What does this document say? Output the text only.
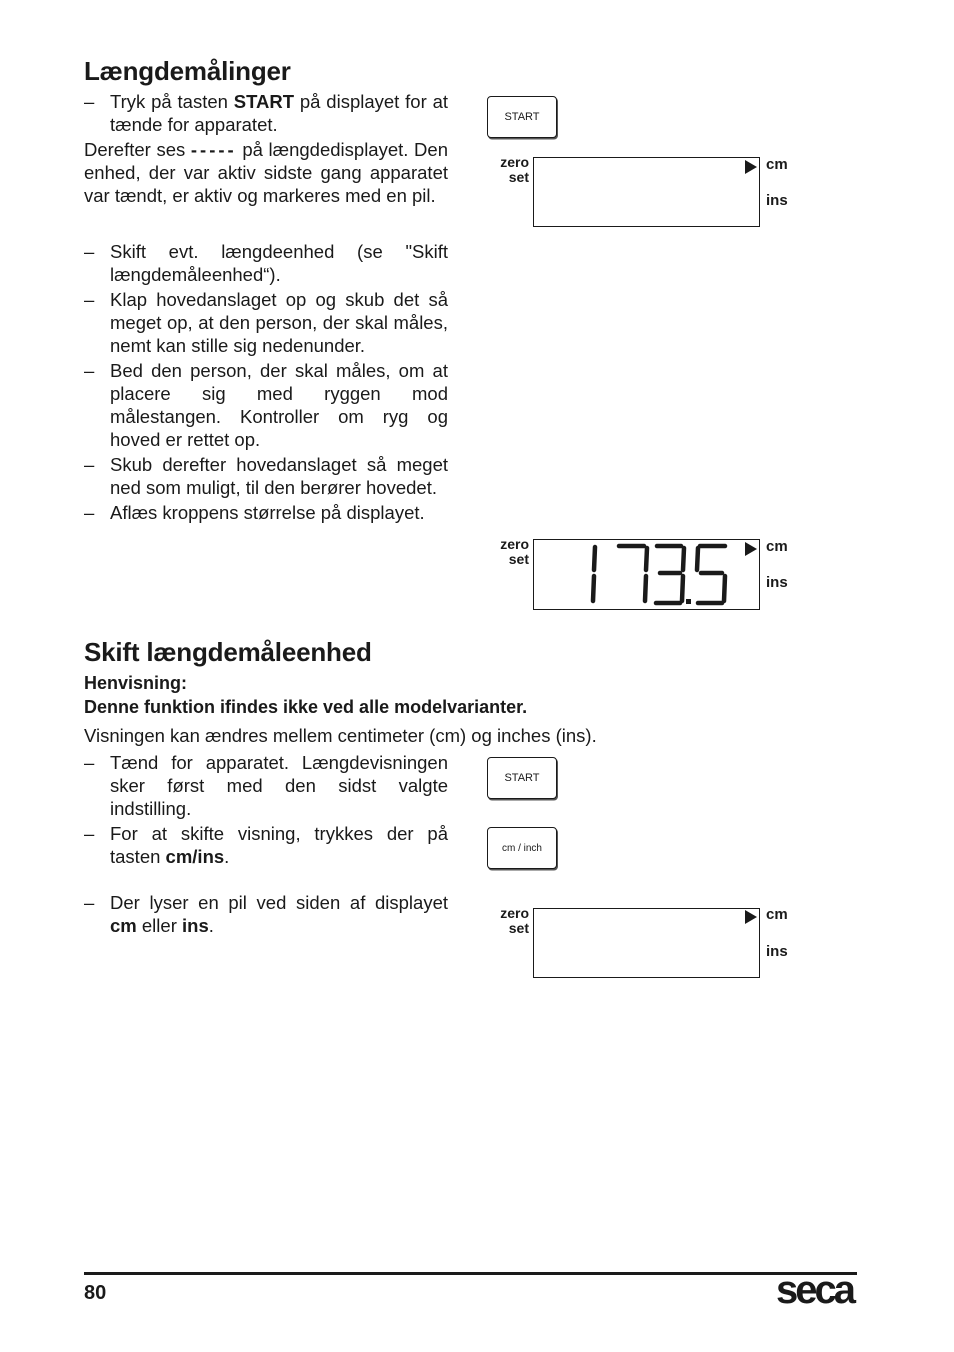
Længdemålinger
– Tryk på tasten START på displayet for at tænde for apparatet.
Derefter ses ----- på længdedisplayet. Den enhed, der var aktiv sidste gang apparatet var tændt, er aktiv og markeres med en pil.
– Skift evt. længdeenhed (se "Skift længdemåleenhed“).
– Klap hovedanslaget op og skub det så meget op, at den person, der skal måles, nemt kan stille sig nedenunder.
– Bed den person, der skal måles, om at placere sig med ryggen mod målestangen. Kontroller om ryg og hoved er rettet op.
– Skub derefter hovedanslaget så meget ned som muligt, til den berører hovedet.
– Aflæs kroppens størrelse på displayet.
START
zero
set
cm
ins
zero
set
cm
ins
Skift længdemåleenhed
Henvisning:
Denne funktion ifindes ikke ved alle modelvarianter.
Visningen kan ændres mellem centimeter (cm) og inches (ins).
– Tænd for apparatet. Længdevisningen sker først med den sidst valgte indstilling.
– For at skifte visning, trykkes der på tasten cm/ins.
– Der lyser en pil ved siden af displayet cm eller ins.
START
cm / inch
zero
set
cm
ins
80	seca
